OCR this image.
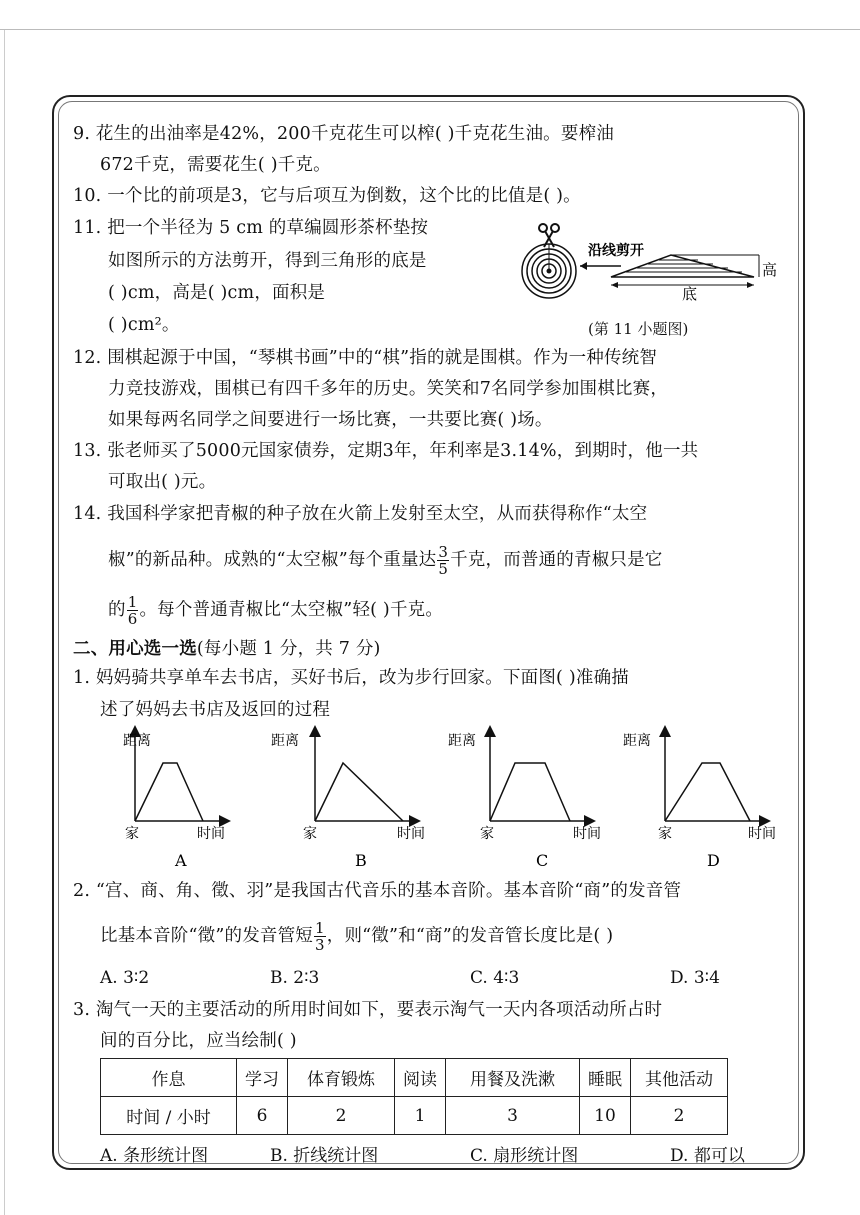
9. 花生的出油率是42%，200千克花生可以榨( )千克花生油。要榨油
672千克，需要花生( )千克。
10. 一个比的前项是3，它与后项互为倒数，这个比的比值是( )。
11. 把一个半径为 5 cm 的草编圆形茶杯垫按
如图所示的方法剪开，得到三角形的底是
( )cm，高是( )cm，面积是
( )cm²。
沿线剪开
高
底
(第 11 小题图)
12. 围棋起源于中国，“琴棋书画”中的“棋”指的就是围棋。作为一种传统智
力竞技游戏，围棋已有四千多年的历史。笑笑和7名同学参加围棋比赛，
如果每两名同学之间要进行一场比赛，一共要比赛( )场。
13. 张老师买了5000元国家债券，定期3年，年利率是3.14%，到期时，他一共
可取出( )元。
14. 我国科学家把青椒的种子放在火箭上发射至太空，从而获得称作“太空
椒”的新品种。成熟的“太空椒”每个重量达 $\frac{3}{5}$ 千克，而普通的青椒只是它
的 $\frac{1}{6}$ 。每个普通青椒比“太空椒”轻( )千克。
二、用心选一选(每小题 1 分，共 7 分)
1. 妈妈骑共享单车去书店，买好书后，改为步行回家。下面图( )准确描
述了妈妈去书店及返回的过程
距离
家	时间
A
距离
家	时间
B
距离
家	时间
C
距离
家	时间
D
2. “宫、商、角、徵、羽”是我国古代音乐的基本音阶。基本音阶“商”的发音管
比基本音阶“徵”的发音管短 $\frac{1}{3}$ ，则“徵”和“商”的发音管长度比是( )
A. 3∶2	B. 2∶3	C. 4∶3	D. 3∶4
3. 淘气一天的主要活动的所用时间如下，要表示淘气一天内各项活动所占时
间的百分比，应当绘制( )
作息	学习	体育锻炼	阅读	用餐及洗漱	睡眠	其他活动
时间 / 小时	6	2	1	3	10	2
A. 条形统计图	B. 折线统计图	C. 扇形统计图	D. 都可以
